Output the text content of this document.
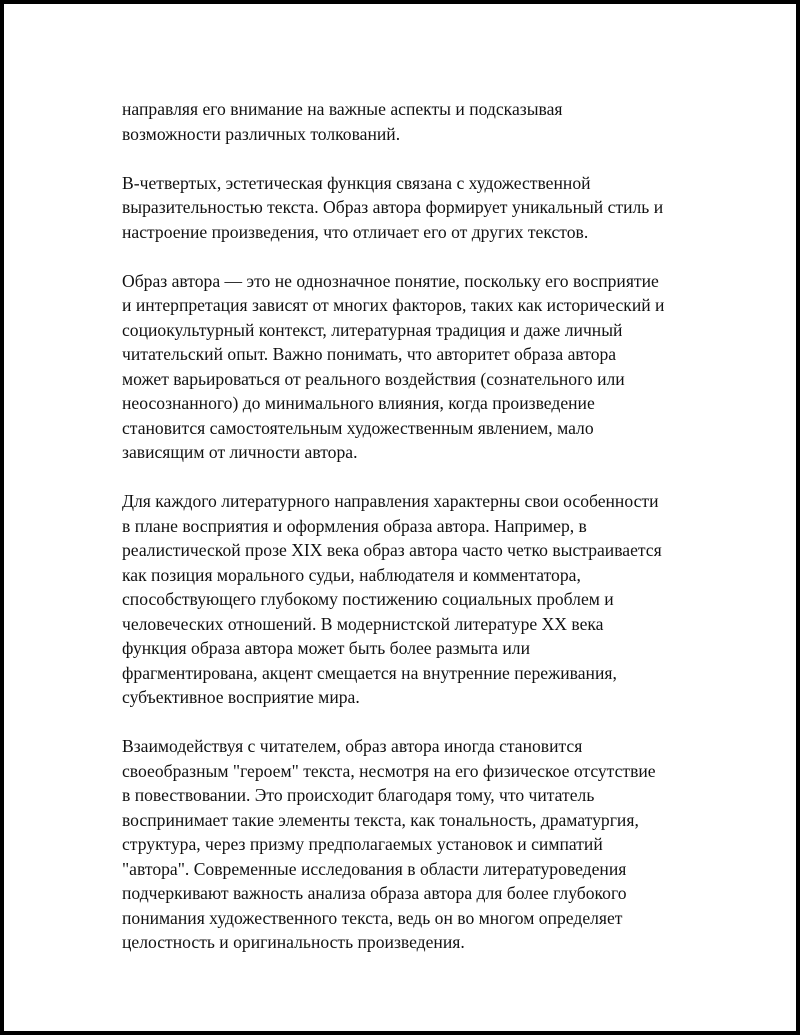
направляя его внимание на важные аспекты и подсказывая
возможности различных толкований.

В-четвертых, эстетическая функция связана с художественной
выразительностью текста. Образ автора формирует уникальный стиль и
настроение произведения, что отличает его от других текстов.

Образ автора — это не однозначное понятие, поскольку его восприятие
и интерпретация зависят от многих факторов, таких как исторический и
социокультурный контекст, литературная традиция и даже личный
читательский опыт. Важно понимать, что авторитет образа автора
может варьироваться от реального воздействия (сознательного или
неосознанного) до минимального влияния, когда произведение
становится самостоятельным художественным явлением, мало
зависящим от личности автора.

Для каждого литературного направления характерны свои особенности
в плане восприятия и оформления образа автора. Например, в
реалистической прозе XIX века образ автора часто четко выстраивается
как позиция морального судьи, наблюдателя и комментатора,
способствующего глубокому постижению социальных проблем и
человеческих отношений. В модернистской литературе XX века
функция образа автора может быть более размыта или
фрагментирована, акцент смещается на внутренние переживания,
субъективное восприятие мира.

Взаимодействуя с читателем, образ автора иногда становится
своеобразным "героем" текста, несмотря на его физическое отсутствие
в повествовании. Это происходит благодаря тому, что читатель
воспринимает такие элементы текста, как тональность, драматургия,
структура, через призму предполагаемых установок и симпатий
"автора". Современные исследования в области литературоведения
подчеркивают важность анализа образа автора для более глубокого
понимания художественного текста, ведь он во многом определяет
целостность и оригинальность произведения.
